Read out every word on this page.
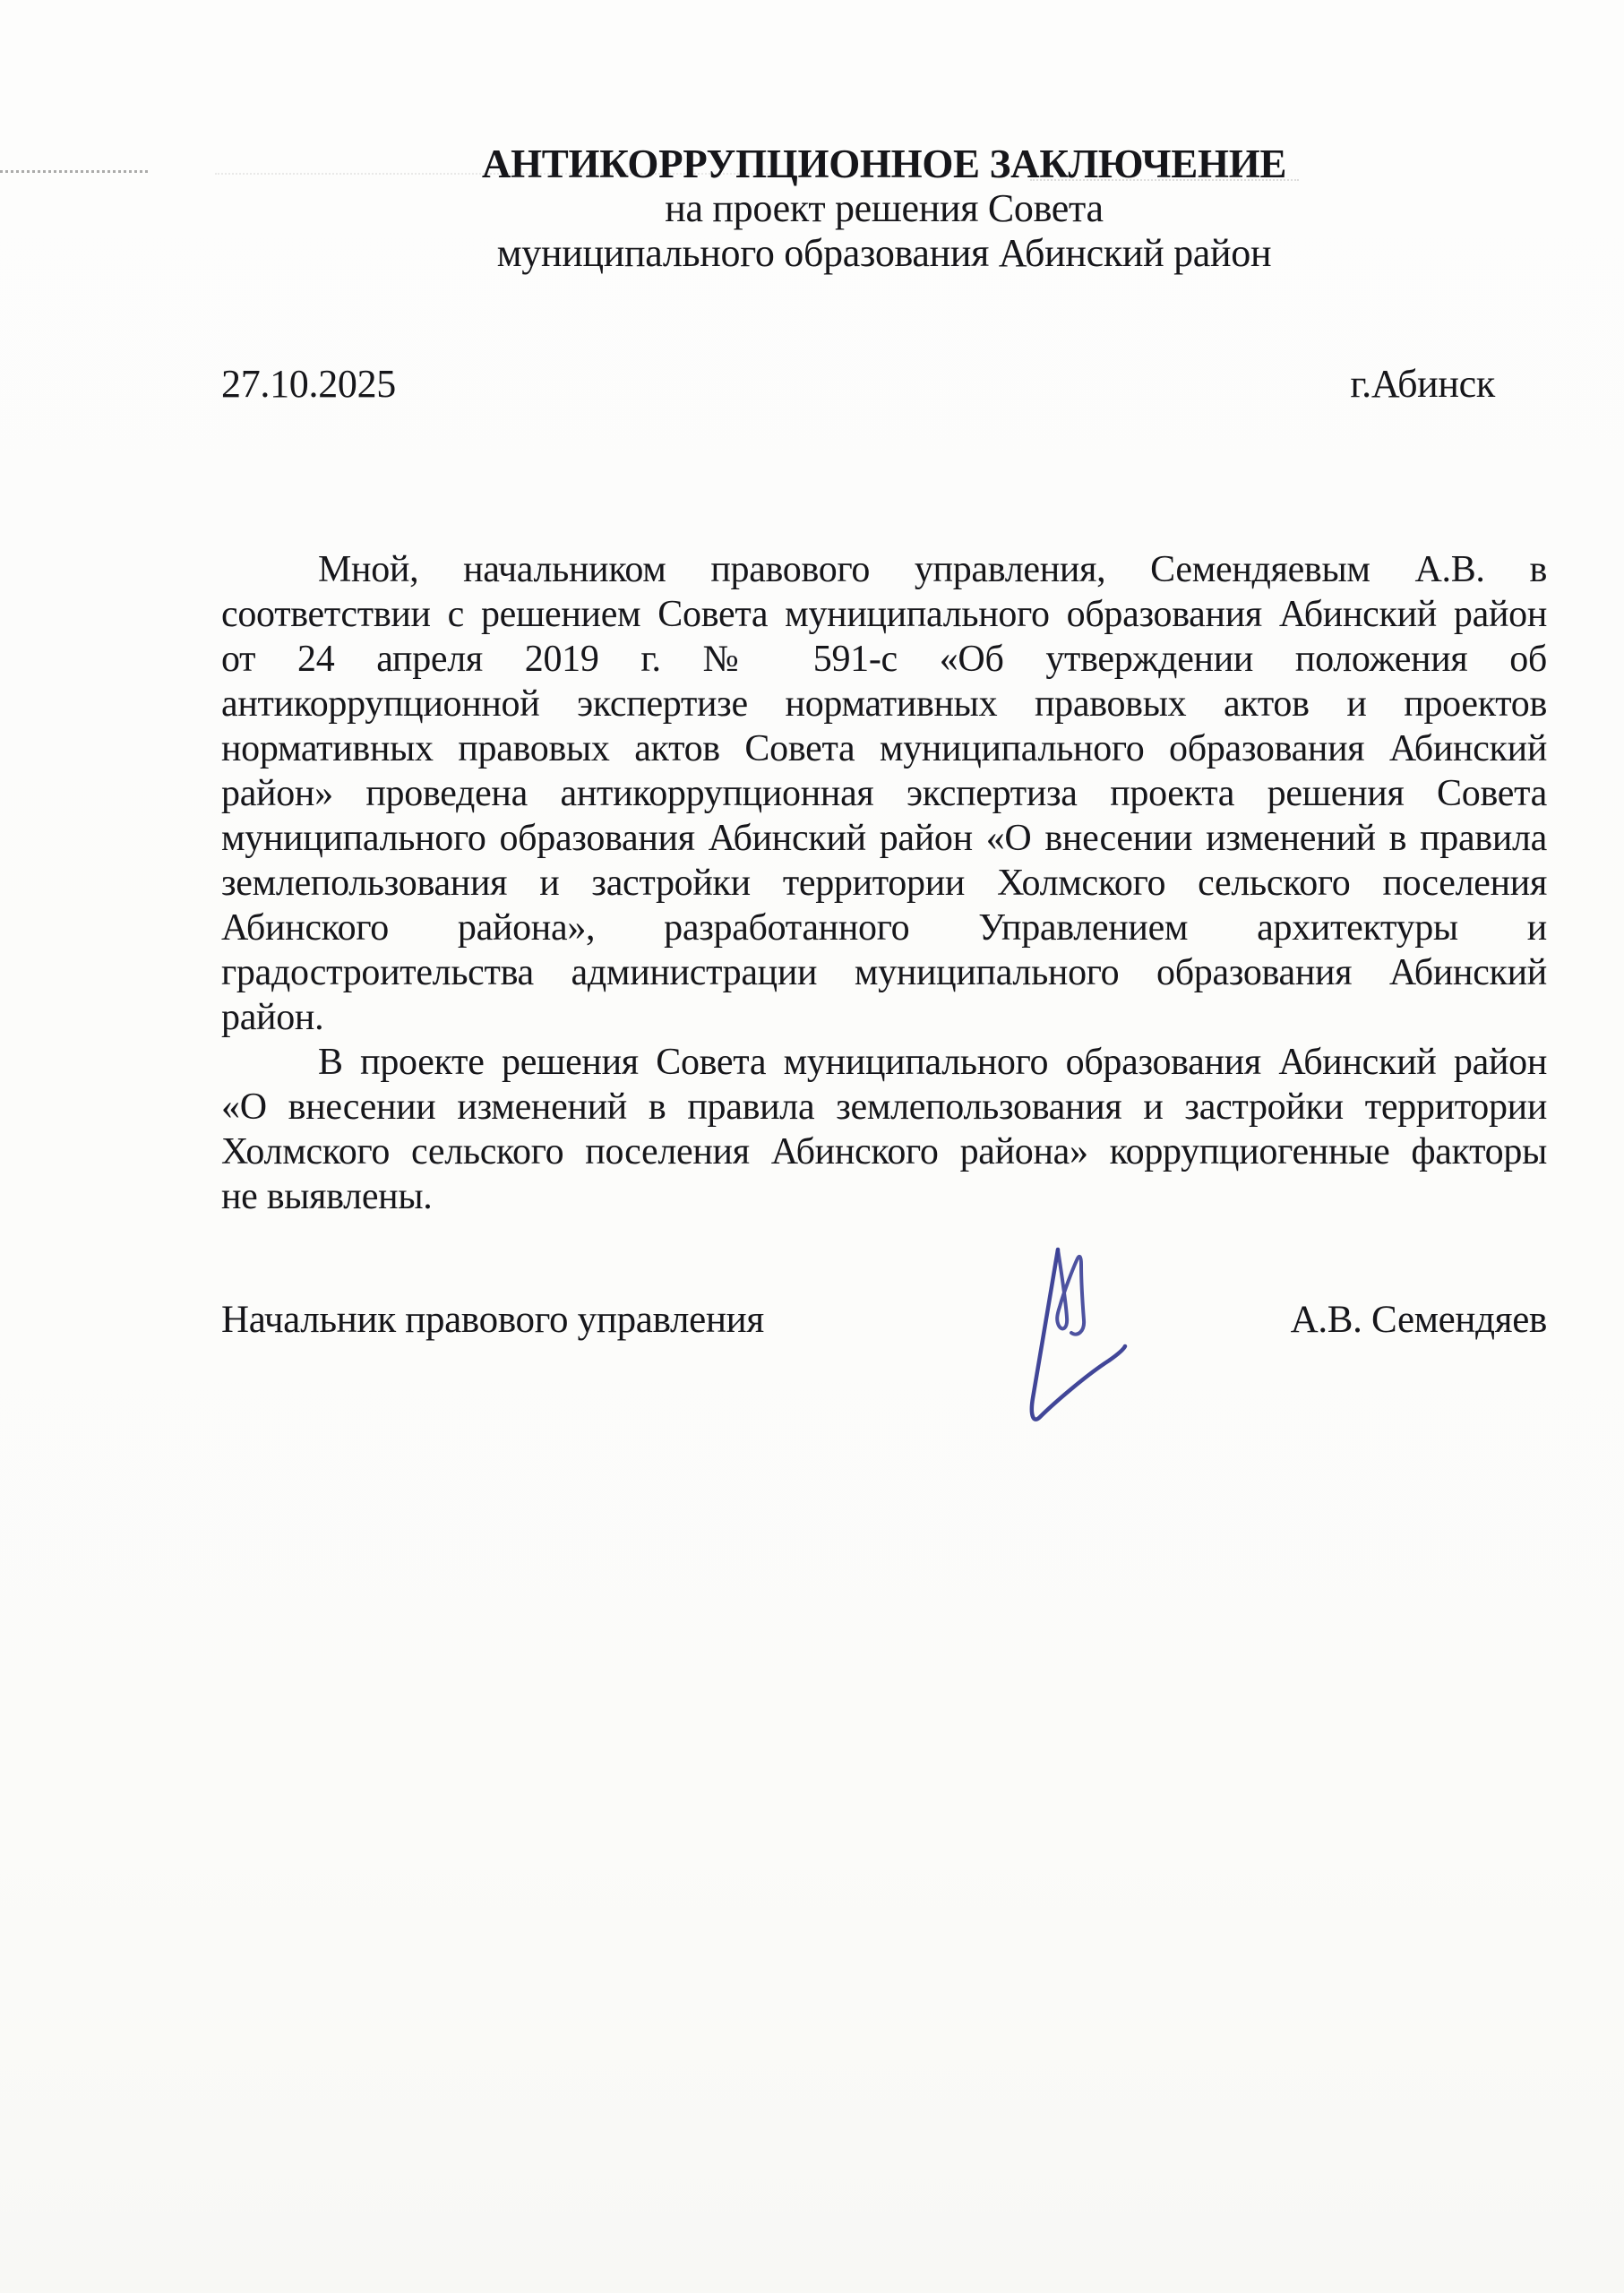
АНТИКОРРУПЦИОННОЕ ЗАКЛЮЧЕНИЕ
на проект решения Совета
муниципального образования Абинский район
27.10.2025	г.Абинск
Мной, начальником правового управления, Семендяевым А.В. в
соответствии с решением Совета муниципального образования Абинский район
от 24 апреля 2019 г. № 591-с «Об утверждении положения об
антикоррупционной экспертизе нормативных правовых актов и проектов
нормативных правовых актов Совета муниципального образования Абинский
район» проведена антикоррупционная экспертиза проекта решения Совета
муниципального образования Абинский район «О внесении изменений в правила
землепользования и застройки территории Холмского сельского поселения
Абинского района», разработанного Управлением архитектуры и
градостроительства администрации муниципального образования Абинский
район.
В проекте решения Совета муниципального образования Абинский район
«О внесении изменений в правила землепользования и застройки территории
Холмского сельского поселения Абинского района» коррупциогенные факторы
не выявлены.
Начальник правового управления	А.В. Семендяев
